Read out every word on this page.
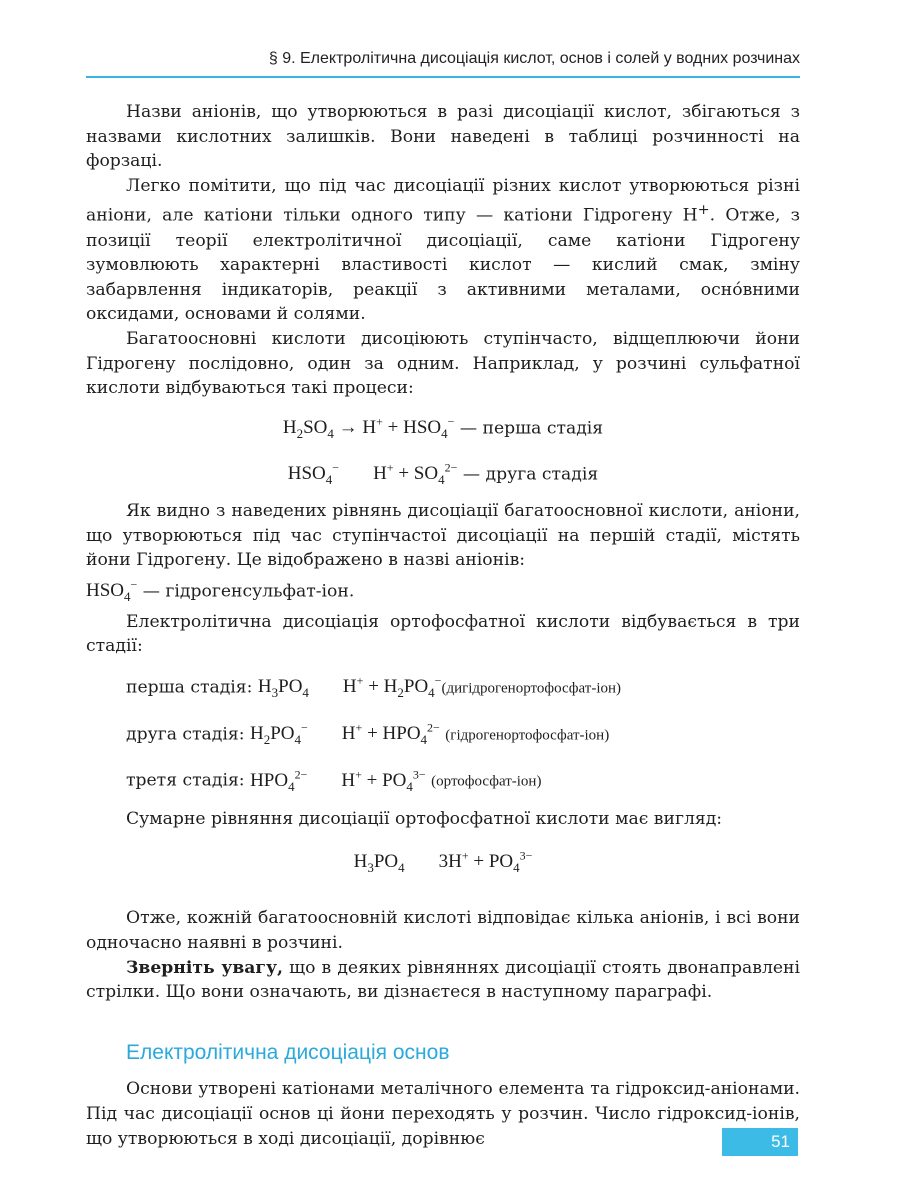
§ 9. Електролітична дисоціація кислот, основ і солей у водних розчинах

Назви аніонів, що утворюються в разі дисоціації кислот, збігаються з назвами кислотних залишків. Вони наведені в таблиці розчинності на форзаці.

Легко помітити, що під час дисоціації різних кислот утворюються різні аніони, але катіони тільки одного типу — катіони Гідрогену H+. Отже, з позиції теорії електролітичної дисоціації, саме катіони Гідрогену зумовлюють характерні властивості кислот — кислий смак, зміну забарвлення індикаторів, реакції з активними металами, осно́вними оксидами, основами й солями.

Багатоосновні кислоти дисоціюють ступінчасто, відщеплюючи йони Гідрогену послідовно, один за одним. Наприклад, у розчині сульфатної кислоти відбуваються такі процеси:

$H_2SO_4 \to H^+ + HSO_4^-$ — перша стадія

$HSO_4^-$ $H^+ + SO_4^{2-}$ — друга стадія

Як видно з наведених рівнянь дисоціації багатоосновної кислоти, аніони, що утворюються під час ступінчастої дисоціації на першій стадії, містять йони Гідрогену. Це відображено в назві аніонів:

$HSO_4^-$ — гідрогенсульфат-іон.

Електролітична дисоціація ортофосфатної кислоти відбувається в три стадії:

перша стадія: $H_3PO_4$ $H^+ + H_2PO_4^-(дигідрогенортофосфат-іон)$

друга стадія: $H_2PO_4^-$ $H^+ + HPO_4^{2-}$ (гідрогенортофосфат-іон)

третя стадія: $HPO_4^{2-}$ $H^+ + PO_4^{3-}$ (ортофосфат-іон)

Сумарне рівняння дисоціації ортофосфатної кислоти має вигляд:

$H_3PO_4$ $3H^+ + PO_4^{3-}$

Отже, кожній багатоосновній кислоті відповідає кілька аніонів, і всі вони одночасно наявні в розчині.

Зверніть увагу, що в деяких рівняннях дисоціації стоять двонаправлені стрілки. Що вони означають, ви дізнаєтеся в наступному параграфі.

Електролітична дисоціація основ

Основи утворені катіонами металічного елемента та гідроксид-аніонами. Під час дисоціації основ ці йони переходять у розчин. Число гідроксид-іонів, що утворюються в ході дисоціації, дорівнює	51
